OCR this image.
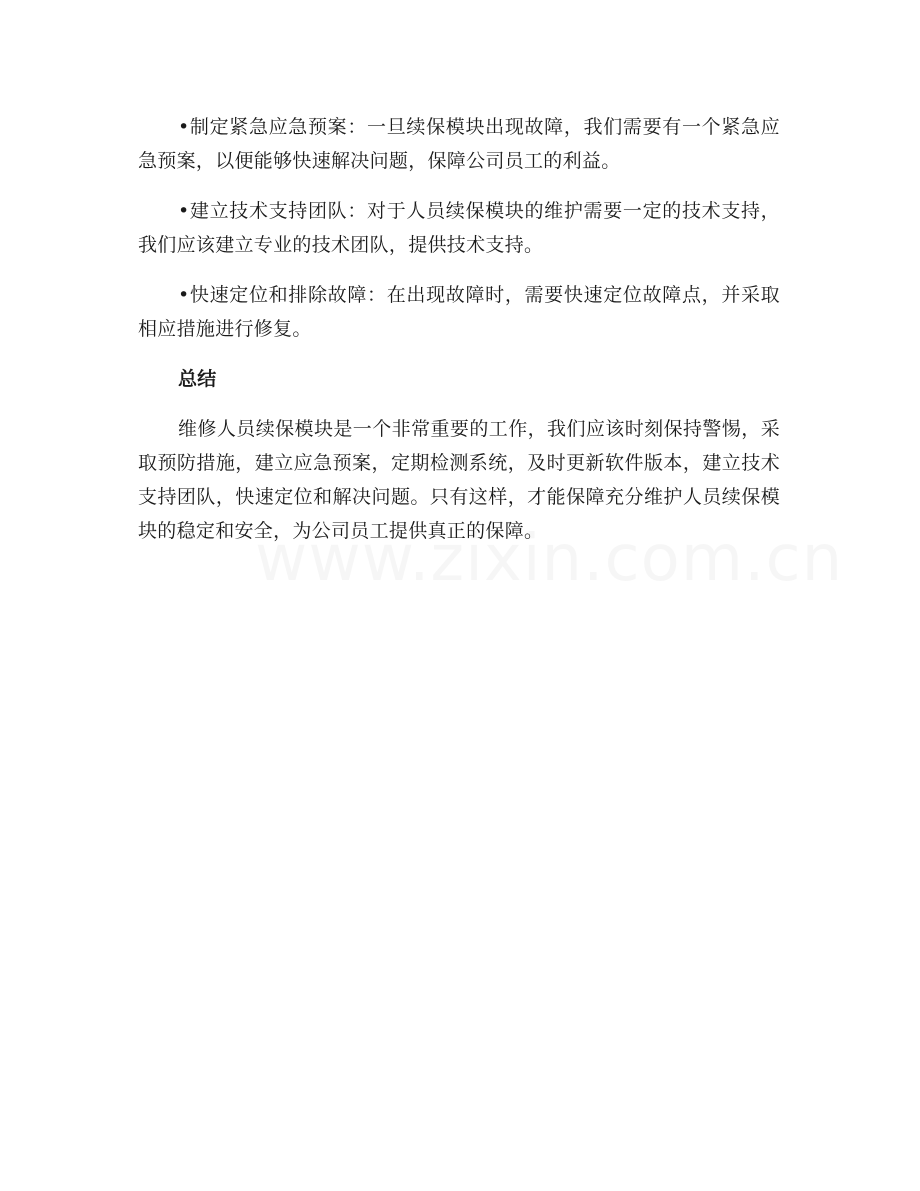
•制定紧急应急预案：一旦续保模块出现故障，我们需要有一个紧急应急预案，以便能够快速解决问题，保障公司员工的利益。

•建立技术支持团队：对于人员续保模块的维护需要一定的技术支持，我们应该建立专业的技术团队，提供技术支持。

•快速定位和排除故障：在出现故障时，需要快速定位故障点，并采取相应措施进行修复。

总结

维修人员续保模块是一个非常重要的工作，我们应该时刻保持警惕，采取预防措施，建立应急预案，定期检测系统，及时更新软件版本，建立技术支持团队，快速定位和解决问题。只有这样，才能保障充分维护人员续保模块的稳定和安全，为公司员工提供真正的保障。
